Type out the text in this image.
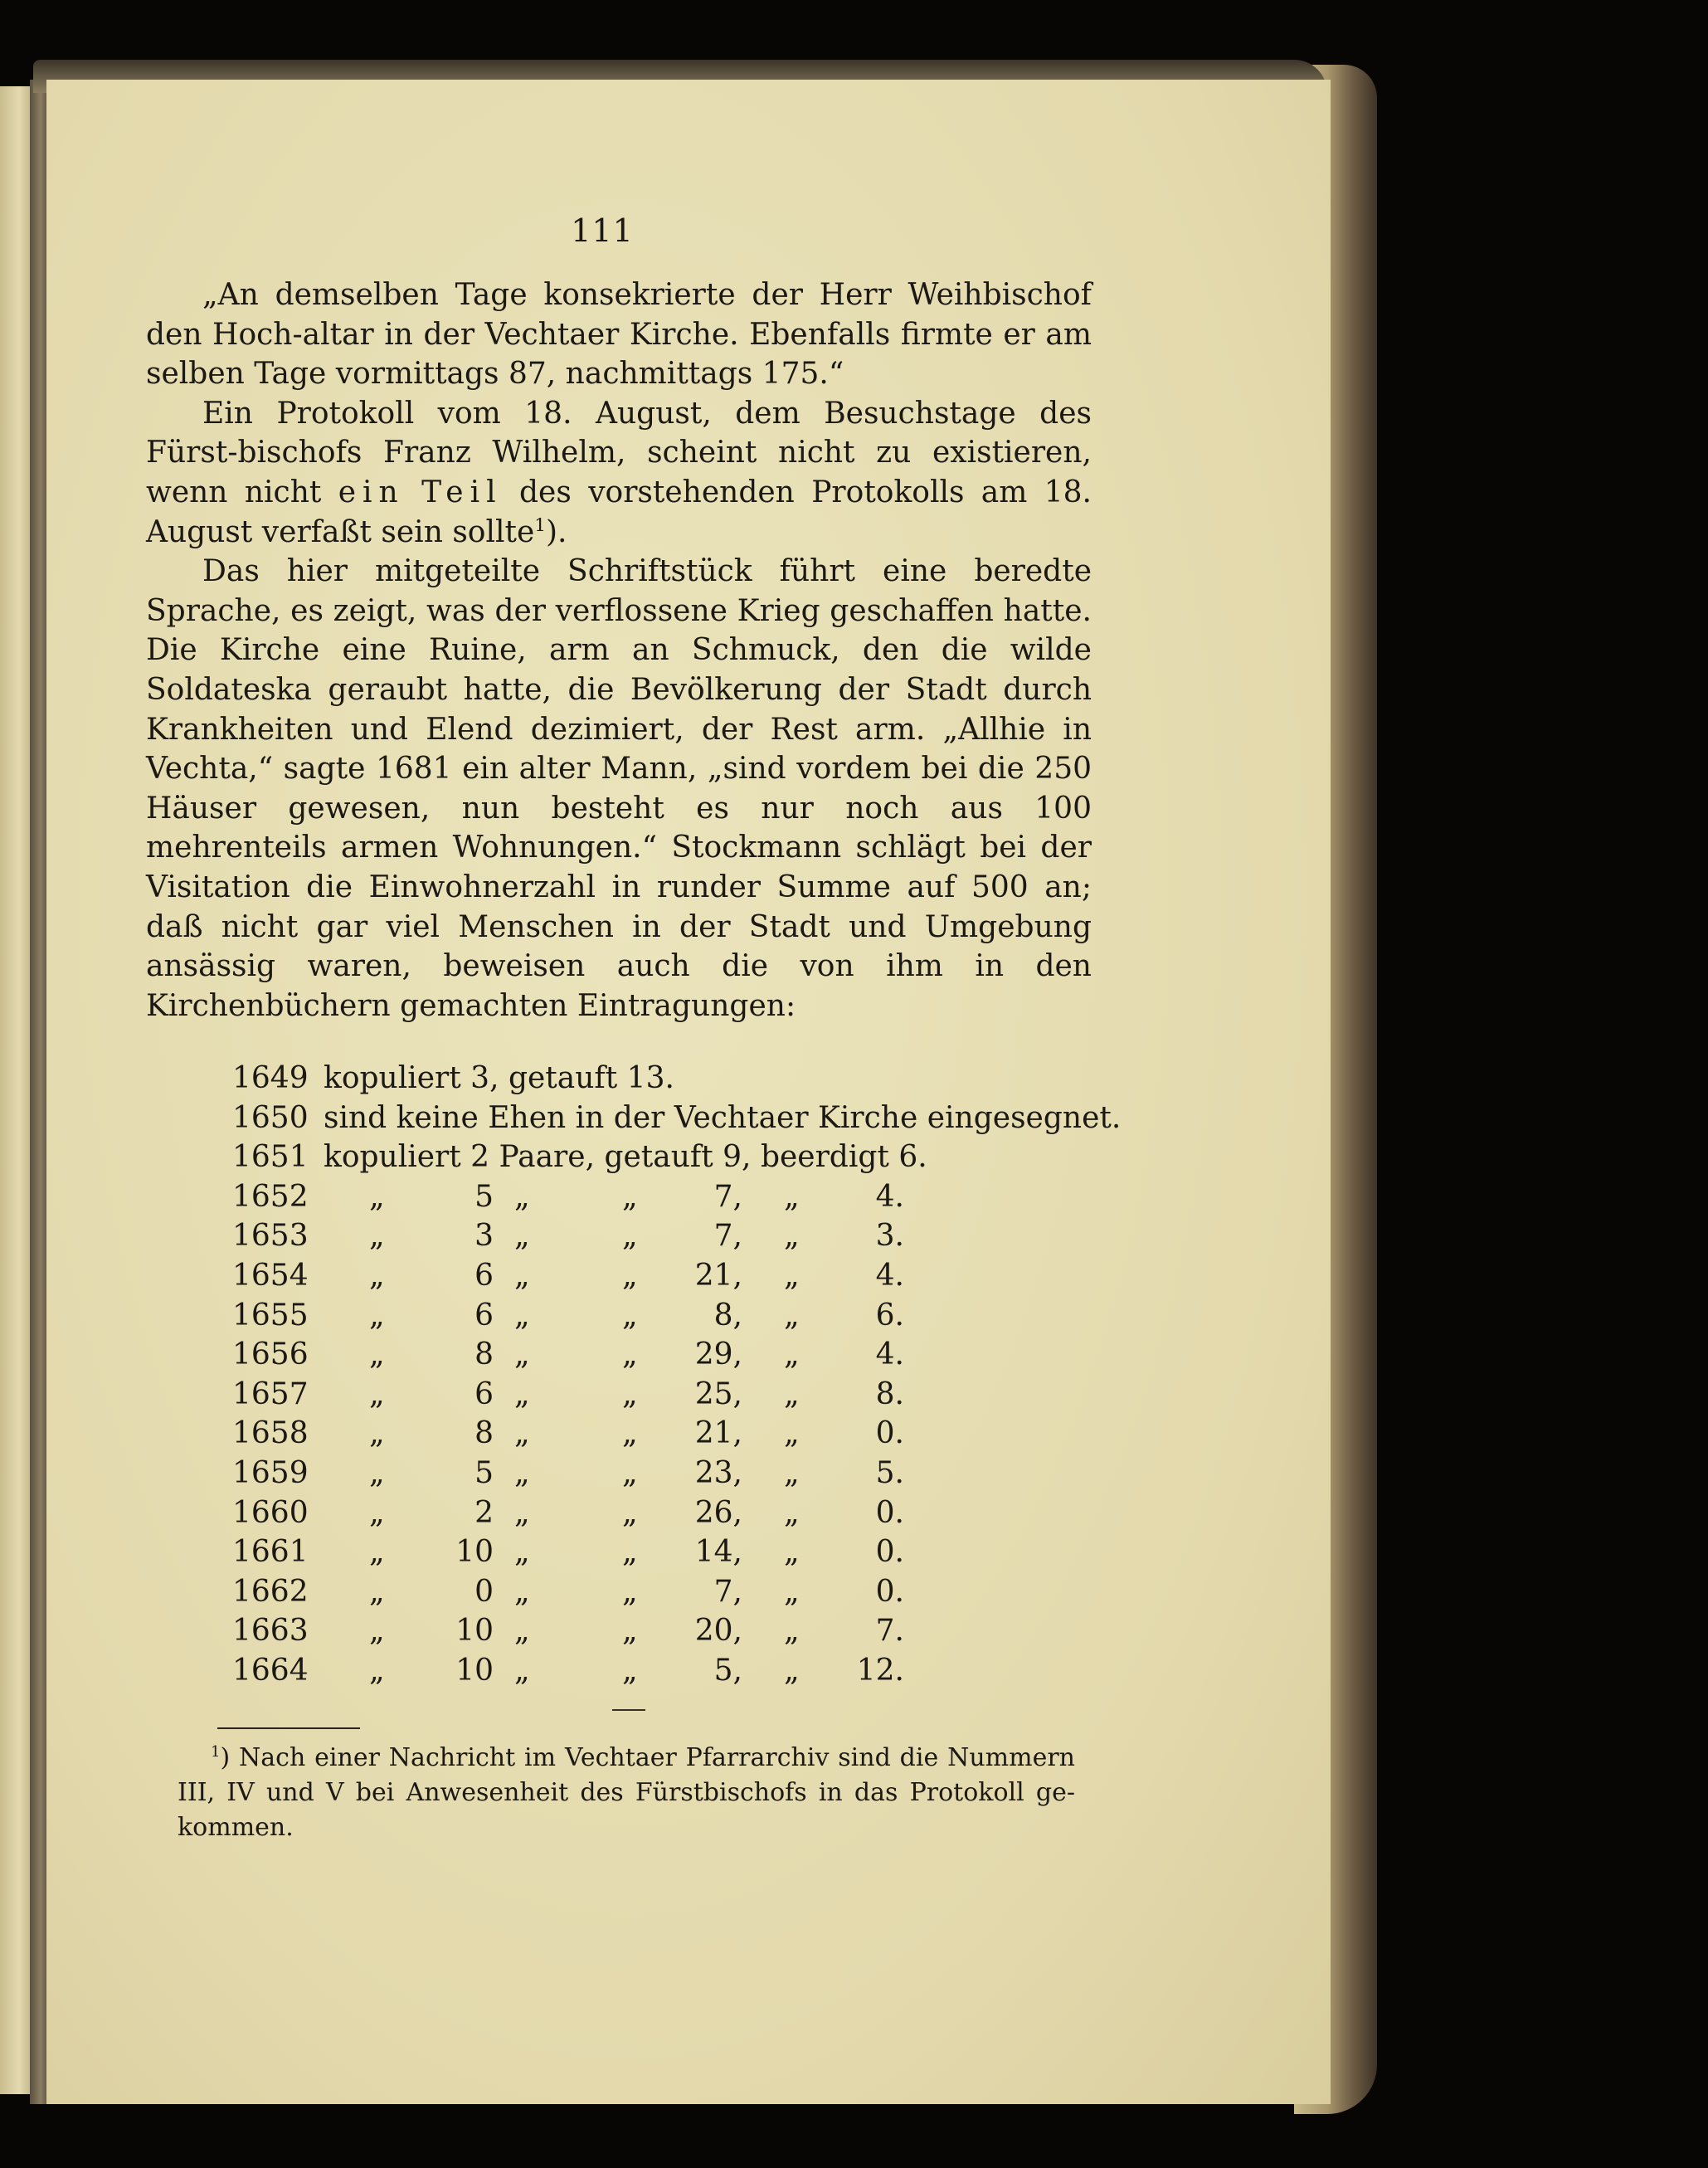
111

„An demselben Tage konsekrierte der Herr Weihbischof den Hoch-altar in der Vechtaer Kirche. Ebenfalls firmte er am selben Tage vormittags 87, nachmittags 175.“

Ein Protokoll vom 18. August, dem Besuchstage des Fürst-bischofs Franz Wilhelm, scheint nicht zu existieren, wenn nicht ein Teil des vorstehenden Protokolls am 18. August verfaßt sein sollte$^1$).

Das hier mitgeteilte Schriftstück führt eine beredte Sprache, es zeigt, was der verflossene Krieg geschaffen hatte. Die Kirche eine Ruine, arm an Schmuck, den die wilde Soldateska geraubt hatte, die Bevölkerung der Stadt durch Krankheiten und Elend dezimiert, der Rest arm. „Allhie in Vechta,“ sagte 1681 ein alter Mann, „sind vordem bei die 250 Häuser gewesen, nun besteht es nur noch aus 100 mehrenteils armen Wohnungen.“ Stockmann schlägt bei der Visitation die Einwohnerzahl in runder Summe auf 500 an; daß nicht gar viel Menschen in der Stadt und Umgebung ansässig waren, beweisen auch die von ihm in den Kirchenbüchern gemachten Eintragungen:

1649 kopuliert 3, getauft 13.
1650 sind keine Ehen in der Vechtaer Kirche eingesegnet.
1651 kopuliert 2 Paare, getauft 9, beerdigt 6.
1652 „	5 „	„	7, „	4.
1653 „	3 „	„	7, „	3.
1654 „	6 „	„	21, „	4.
1655 „	6 „	„	8, „	6.
1656 „	8 „	„	29, „	4.
1657 „	6 „	„	25, „	8.
1658 „	8 „	„	21, „	0.
1659 „	5 „	„	23, „	5.
1660 „	2 „	„	26, „	0.
1661 „	10 „	„	14, „	0.
1662 „	0 „	„	7, „	0.
1663 „	10 „	„	20, „	7.
1664 „	10 „	„	5, „	12.

$^1$) Nach einer Nachricht im Vechtaer Pfarrarchiv sind die Nummern III, IV und V bei Anwesenheit des Fürstbischofs in das Protokoll ge-kommen.
